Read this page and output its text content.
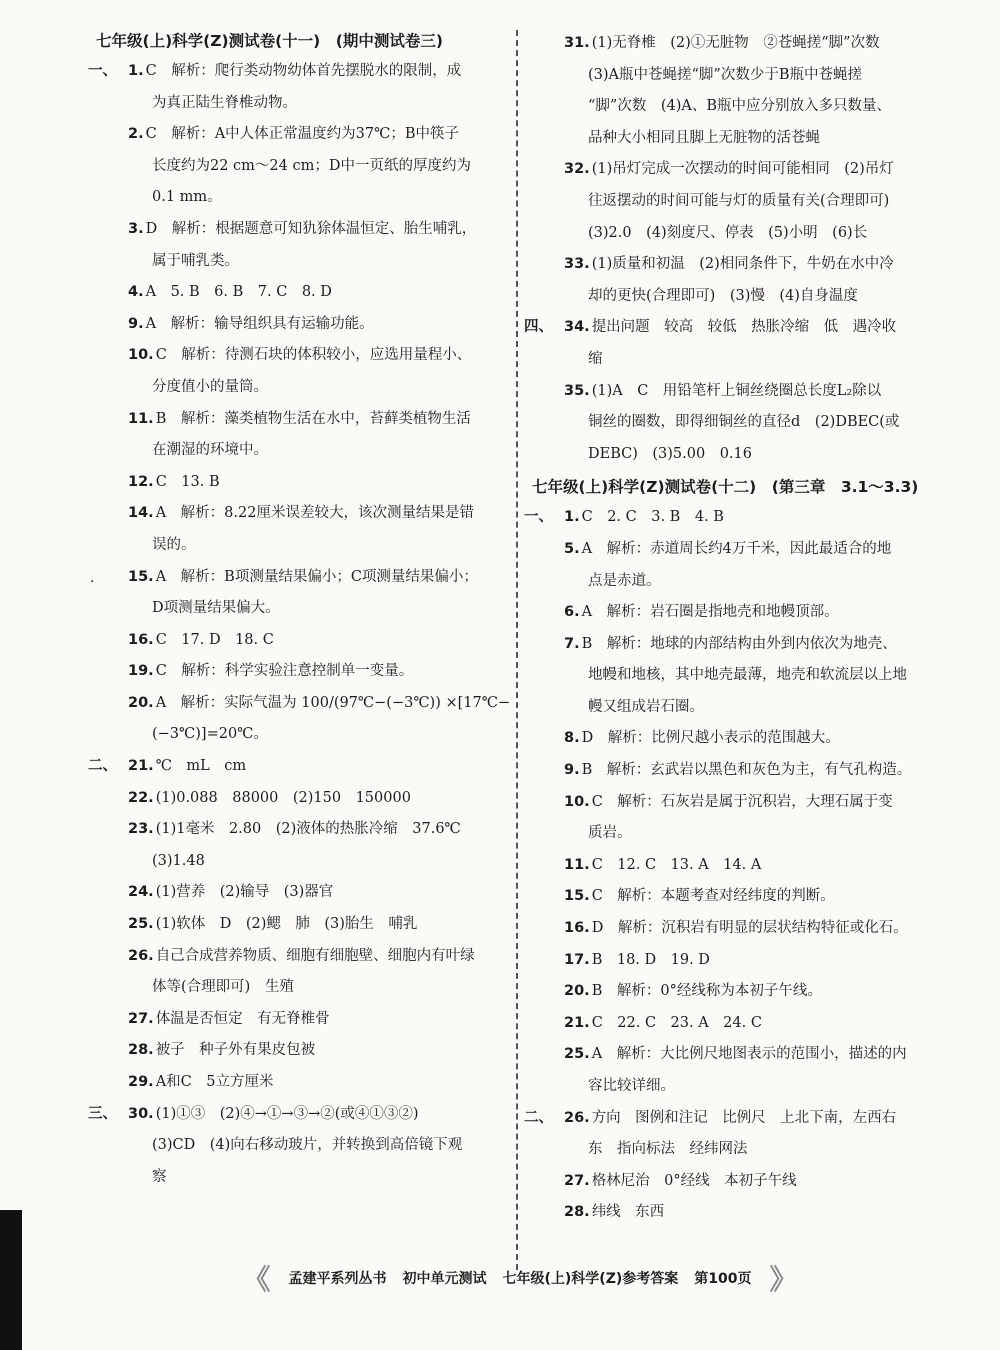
七年级(上)科学(Z)测试卷(十一)　(期中测试卷三)
一、 1. C　解析：爬行类动物幼体首先摆脱水的限制，成
为真正陆生脊椎动物。
2. C　解析：A中人体正常温度约为37℃；B中筷子
长度约为22 cm～24 cm；D中一页纸的厚度约为
0.1 mm。
3. D　解析：根据题意可知犰狳体温恒定、胎生哺乳，
属于哺乳类。
4. A　5. B　6. B　7. C　8. D
9. A　解析：输导组织具有运输功能。
10. C　解析：待测石块的体积较小，应选用量程小、
分度值小的量筒。
11. B　解析：藻类植物生活在水中，苔藓类植物生活
在潮湿的环境中。
12. C　13. B
14. A　解析：8.22厘米误差较大，该次测量结果是错
误的。
15. A　解析：B项测量结果偏小；C项测量结果偏小；
D项测量结果偏大。
16. C　17. D　18. C
19. C　解析：科学实验注意控制单一变量。
20. A　解析：实际气温为 100/(97℃−(−3℃)) ×[17℃−
(−3℃)]=20℃。
二、 21. ℃　mL　cm
22. (1)0.088　88000　(2)150　150000
23. (1)1毫米　2.80　(2)液体的热胀冷缩　37.6℃
(3)1.48
24. (1)营养　(2)输导　(3)器官
25. (1)软体　D　(2)鳃　肺　(3)胎生　哺乳
26. 自己合成营养物质、细胞有细胞壁、细胞内有叶绿
体等(合理即可)　生殖
27. 体温是否恒定　有无脊椎骨
28. 被子　种子外有果皮包被
29. A和C　5立方厘米
三、 30. (1)①③　(2)④→①→③→②(或④①③②)
(3)CD　(4)向右移动玻片，并转换到高倍镜下观
察
31. (1)无脊椎　(2)①无脏物　②苍蝇搓“脚”次数
(3)A瓶中苍蝇搓“脚”次数少于B瓶中苍蝇搓
“脚”次数　(4)A、B瓶中应分别放入多只数量、
品种大小相同且脚上无脏物的活苍蝇
32. (1)吊灯完成一次摆动的时间可能相同　(2)吊灯
往返摆动的时间可能与灯的质量有关(合理即可)
(3)2.0　(4)刻度尺、停表　(5)小明　(6)长
33. (1)质量和初温　(2)相同条件下，牛奶在水中冷
却的更快(合理即可)　(3)慢　(4)自身温度
四、 34. 提出问题　较高　较低　热胀冷缩　低　遇冷收
缩
35. (1)A　C　用铅笔杆上铜丝绕圈总长度L₂除以
铜丝的圈数，即得细铜丝的直径d　(2)DBEC(或
DEBC)　(3)5.00　0.16
七年级(上)科学(Z)测试卷(十二)　(第三章　3.1～3.3)
一、 1. C　2. C　3. B　4. B
5. A　解析：赤道周长约4万千米，因此最适合的地
点是赤道。
6. A　解析：岩石圈是指地壳和地幔顶部。
7. B　解析：地球的内部结构由外到内依次为地壳、
地幔和地核，其中地壳最薄，地壳和软流层以上地
幔又组成岩石圈。
8. D　解析：比例尺越小表示的范围越大。
9. B　解析：玄武岩以黑色和灰色为主，有气孔构造。
10. C　解析：石灰岩是属于沉积岩，大理石属于变
质岩。
11. C　12. C　13. A　14. A
15. C　解析：本题考查对经纬度的判断。
16. D　解析：沉积岩有明显的层状结构特征或化石。
17. B　18. D　19. D
20. B　解析：0°经线称为本初子午线。
21. C　22. C　23. A　24. C
25. A　解析：大比例尺地图表示的范围小，描述的内
容比较详细。
二、 26. 方向　图例和注记　比例尺　上北下南，左西右
东　指向标法　经纬网法
27. 格林尼治　0°经线　本初子午线
28. 纬线　东西
·
《 孟建平系列丛书 初中单元测试 七年级(上)科学(Z)参考答案 第100页 》
